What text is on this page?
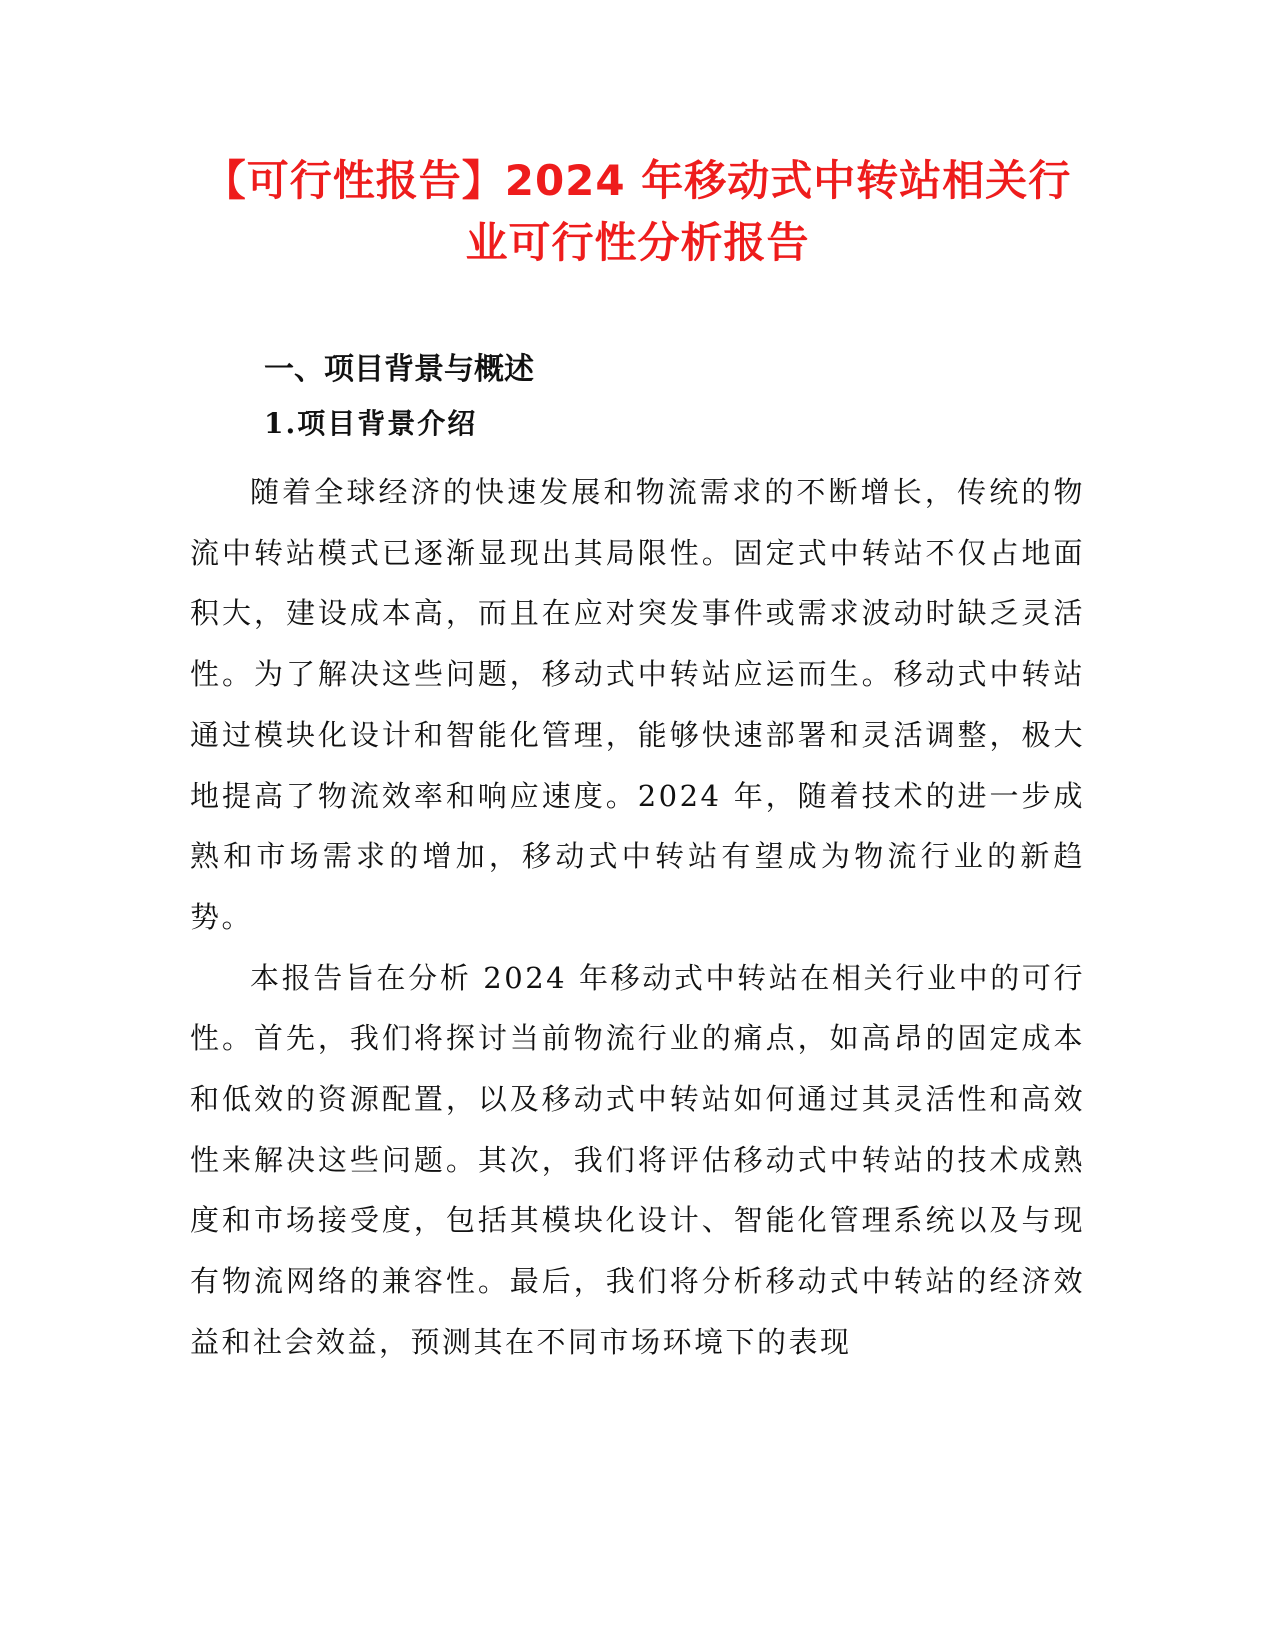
【可行性报告】2024 年移动式中转站相关行
业可行性分析报告
一、项目背景与概述
1.项目背景介绍

随着全球经济的快速发展和物流需求的不断增长，传统的物流中转站模式已逐渐显现出其局限性。固定式中转站不仅占地面积大，建设成本高，而且在应对突发事件或需求波动时缺乏灵活性。为了解决这些问题，移动式中转站应运而生。移动式中转站通过模块化设计和智能化管理，能够快速部署和灵活调整，极大地提高了物流效率和响应速度。2024 年，随着技术的进一步成熟和市场需求的增加，移动式中转站有望成为物流行业的新趋势。

本报告旨在分析 2024 年移动式中转站在相关行业中的可行性。首先，我们将探讨当前物流行业的痛点，如高昂的固定成本和低效的资源配置，以及移动式中转站如何通过其灵活性和高效性来解决这些问题。其次，我们将评估移动式中转站的技术成熟度和市场接受度，包括其模块化设计、智能化管理系统以及与现有物流网络的兼容性。最后，我们将分析移动式中转站的经济效益和社会效益，预测其在不同市场环境下的表现
